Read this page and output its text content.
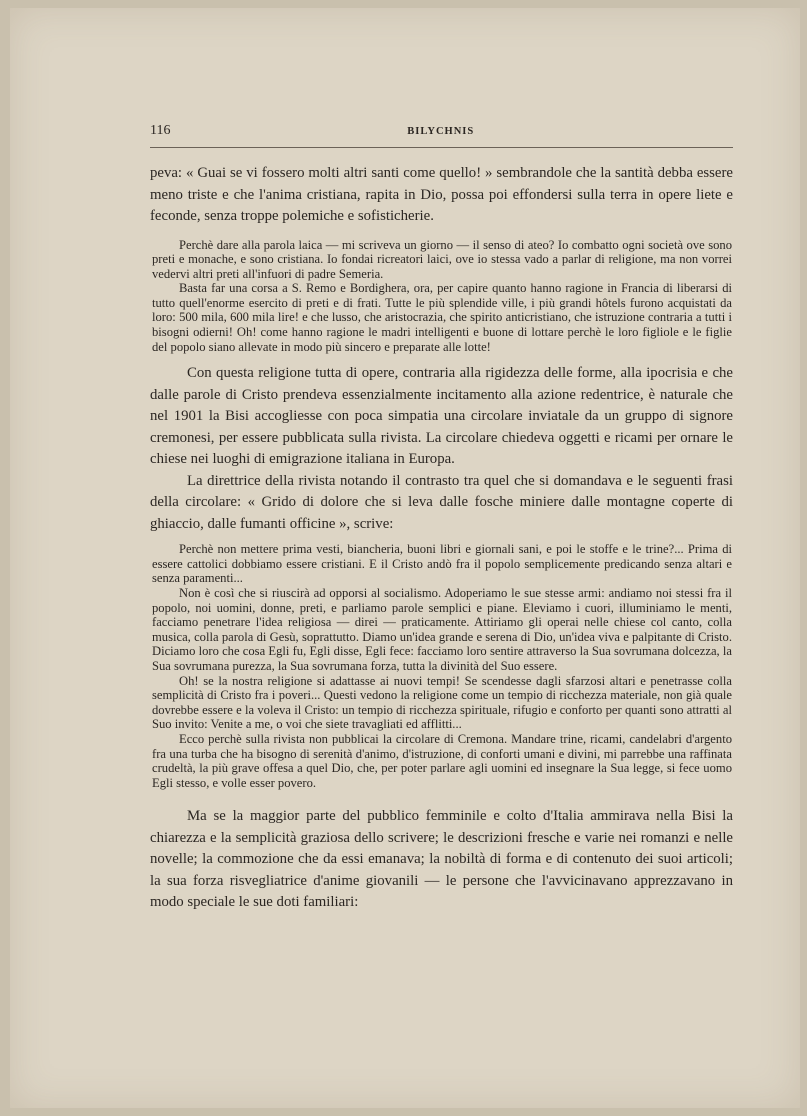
116	BILYCHNIS

peva: « Guai se vi fossero molti altri santi come quello! » sembrandole che la santità debba essere meno triste e che l'anima cristiana, rapita in Dio, possa poi effondersi sulla terra in opere liete e feconde, senza troppe polemiche e sofisticherie.

Perchè dare alla parola laica — mi scriveva un giorno — il senso di ateo? Io combatto ogni società ove sono preti e monache, e sono cristiana. Io fondai ricreatori laici, ove io stessa vado a parlar di religione, ma non vorrei vedervi altri preti all'infuori di padre Semeria.

Basta far una corsa a S. Remo e Bordighera, ora, per capire quanto hanno ragione in Francia di liberarsi di tutto quell'enorme esercito di preti e di frati. Tutte le più splendide ville, i più grandi hôtels furono acquistati da loro: 500 mila, 600 mila lire! e che lusso, che aristocrazia, che spirito anticristiano, che istruzione contraria a tutti i bisogni odierni! Oh! come hanno ragione le madri intelligenti e buone di lottare perchè le loro figliole e le figlie del popolo siano allevate in modo più sincero e preparate alle lotte!

Con questa religione tutta di opere, contraria alla rigidezza delle forme, alla ipocrisia e che dalle parole di Cristo prendeva essenzialmente incitamento alla azione redentrice, è naturale che nel 1901 la Bisi accogliesse con poca simpatia una circolare inviatale da un gruppo di signore cremonesi, per essere pubblicata sulla rivista. La circolare chiedeva oggetti e ricami per ornare le chiese nei luoghi di emigrazione italiana in Europa.

La direttrice della rivista notando il contrasto tra quel che si domandava e le seguenti frasi della circolare: « Grido di dolore che si leva dalle fosche miniere dalle montagne coperte di ghiaccio, dalle fumanti officine », scrive:

Perchè non mettere prima vesti, biancheria, buoni libri e giornali sani, e poi le stoffe e le trine?... Prima di essere cattolici dobbiamo essere cristiani. E il Cristo andò fra il popolo semplicemente predicando senza altari e senza paramenti...

Non è così che si riuscirà ad opporsi al socialismo. Adoperiamo le sue stesse armi: andiamo noi stessi fra il popolo, noi uomini, donne, preti, e parliamo parole semplici e piane. Eleviamo i cuori, illuminiamo le menti, facciamo penetrare l'idea religiosa — direi — praticamente. Attiriamo gli operai nelle chiese col canto, colla musica, colla parola di Gesù, soprattutto. Diamo un'idea grande e serena di Dio, un'idea viva e palpitante di Cristo. Diciamo loro che cosa Egli fu, Egli disse, Egli fece: facciamo loro sentire attraverso la Sua sovrumana dolcezza, la Sua sovrumana purezza, la Sua sovrumana forza, tutta la divinità del Suo essere.

Oh! se la nostra religione si adattasse ai nuovi tempi! Se scendesse dagli sfarzosi altari e penetrasse colla semplicità di Cristo fra i poveri... Questi vedono la religione come un tempio di ricchezza materiale, non già quale dovrebbe essere e la voleva il Cristo: un tempio di ricchezza spirituale, rifugio e conforto per quanti sono attratti al Suo invito: Venite a me, o voi che siete travagliati ed afflitti...

Ecco perchè sulla rivista non pubblicai la circolare di Cremona. Mandare trine, ricami, candelabri d'argento fra una turba che ha bisogno di serenità d'animo, d'istruzione, di conforti umani e divini, mi parrebbe una raffinata crudeltà, la più grave offesa a quel Dio, che, per poter parlare agli uomini ed insegnare la Sua legge, si fece uomo Egli stesso, e volle esser povero.

Ma se la maggior parte del pubblico femminile e colto d'Italia ammirava nella Bisi la chiarezza e la semplicità graziosa dello scrivere; le descrizioni fresche e varie nei romanzi e nelle novelle; la commozione che da essi emanava; la nobiltà di forma e di contenuto dei suoi articoli; la sua forza risvegliatrice d'anime giovanili — le persone che l'avvicinavano apprezzavano in modo speciale le sue doti familiari:
